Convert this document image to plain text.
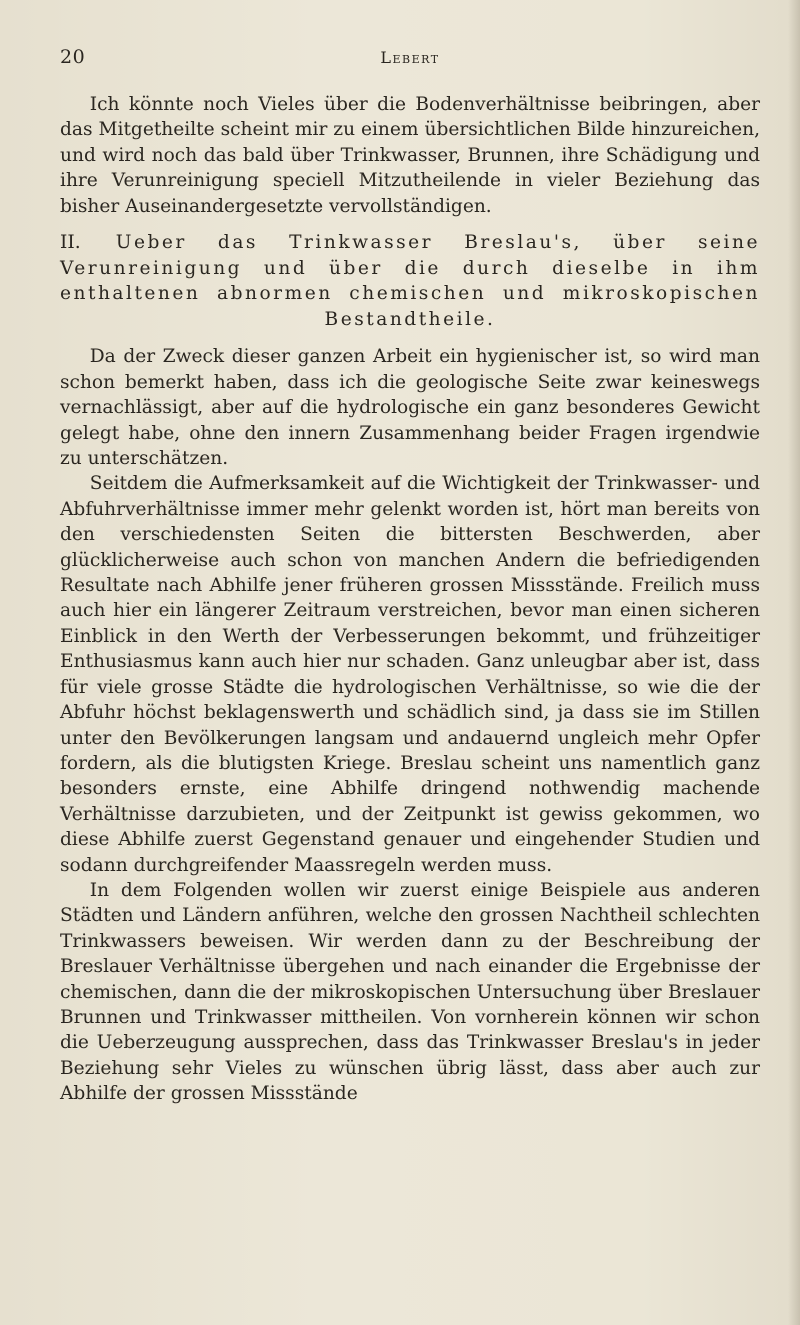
20	Lebert

Ich könnte noch Vieles über die Bodenverhältnisse beibringen, aber das Mitgetheilte scheint mir zu einem übersichtlichen Bilde hinzureichen, und wird noch das bald über Trinkwasser, Brunnen, ihre Schädigung und ihre Verunreinigung speciell Mitzutheilende in vieler Beziehung das bisher Auseinandergesetzte vervollständigen.

II. Ueber das Trinkwasser Breslau's, über seine Verunreinigung und über die durch dieselbe in ihm enthaltenen abnormen chemischen und mikroskopischen Bestandtheile.

Da der Zweck dieser ganzen Arbeit ein hygienischer ist, so wird man schon bemerkt haben, dass ich die geologische Seite zwar keineswegs vernachlässigt, aber auf die hydrologische ein ganz besonderes Gewicht gelegt habe, ohne den innern Zusammenhang beider Fragen irgendwie zu unterschätzen.

Seitdem die Aufmerksamkeit auf die Wichtigkeit der Trinkwasser- und Abfuhrverhältnisse immer mehr gelenkt worden ist, hört man bereits von den verschiedensten Seiten die bittersten Beschwerden, aber glücklicherweise auch schon von manchen Andern die befriedigenden Resultate nach Abhilfe jener früheren grossen Missstände. Freilich muss auch hier ein längerer Zeitraum verstreichen, bevor man einen sicheren Einblick in den Werth der Verbesserungen bekommt, und frühzeitiger Enthusiasmus kann auch hier nur schaden. Ganz unleugbar aber ist, dass für viele grosse Städte die hydrologischen Verhältnisse, so wie die der Abfuhr höchst beklagenswerth und schädlich sind, ja dass sie im Stillen unter den Bevölkerungen langsam und andauernd ungleich mehr Opfer fordern, als die blutigsten Kriege. Breslau scheint uns namentlich ganz besonders ernste, eine Abhilfe dringend nothwendig machende Verhältnisse darzubieten, und der Zeitpunkt ist gewiss gekommen, wo diese Abhilfe zuerst Gegenstand genauer und eingehender Studien und sodann durchgreifender Maassregeln werden muss.

In dem Folgenden wollen wir zuerst einige Beispiele aus anderen Städten und Ländern anführen, welche den grossen Nachtheil schlechten Trinkwassers beweisen. Wir werden dann zu der Beschreibung der Breslauer Verhältnisse übergehen und nach einander die Ergebnisse der chemischen, dann die der mikroskopischen Untersuchung über Breslauer Brunnen und Trinkwasser mittheilen. Von vornherein können wir schon die Ueberzeugung aussprechen, dass das Trinkwasser Breslau's in jeder Beziehung sehr Vieles zu wünschen übrig lässt, dass aber auch zur Abhilfe der grossen Missstände
